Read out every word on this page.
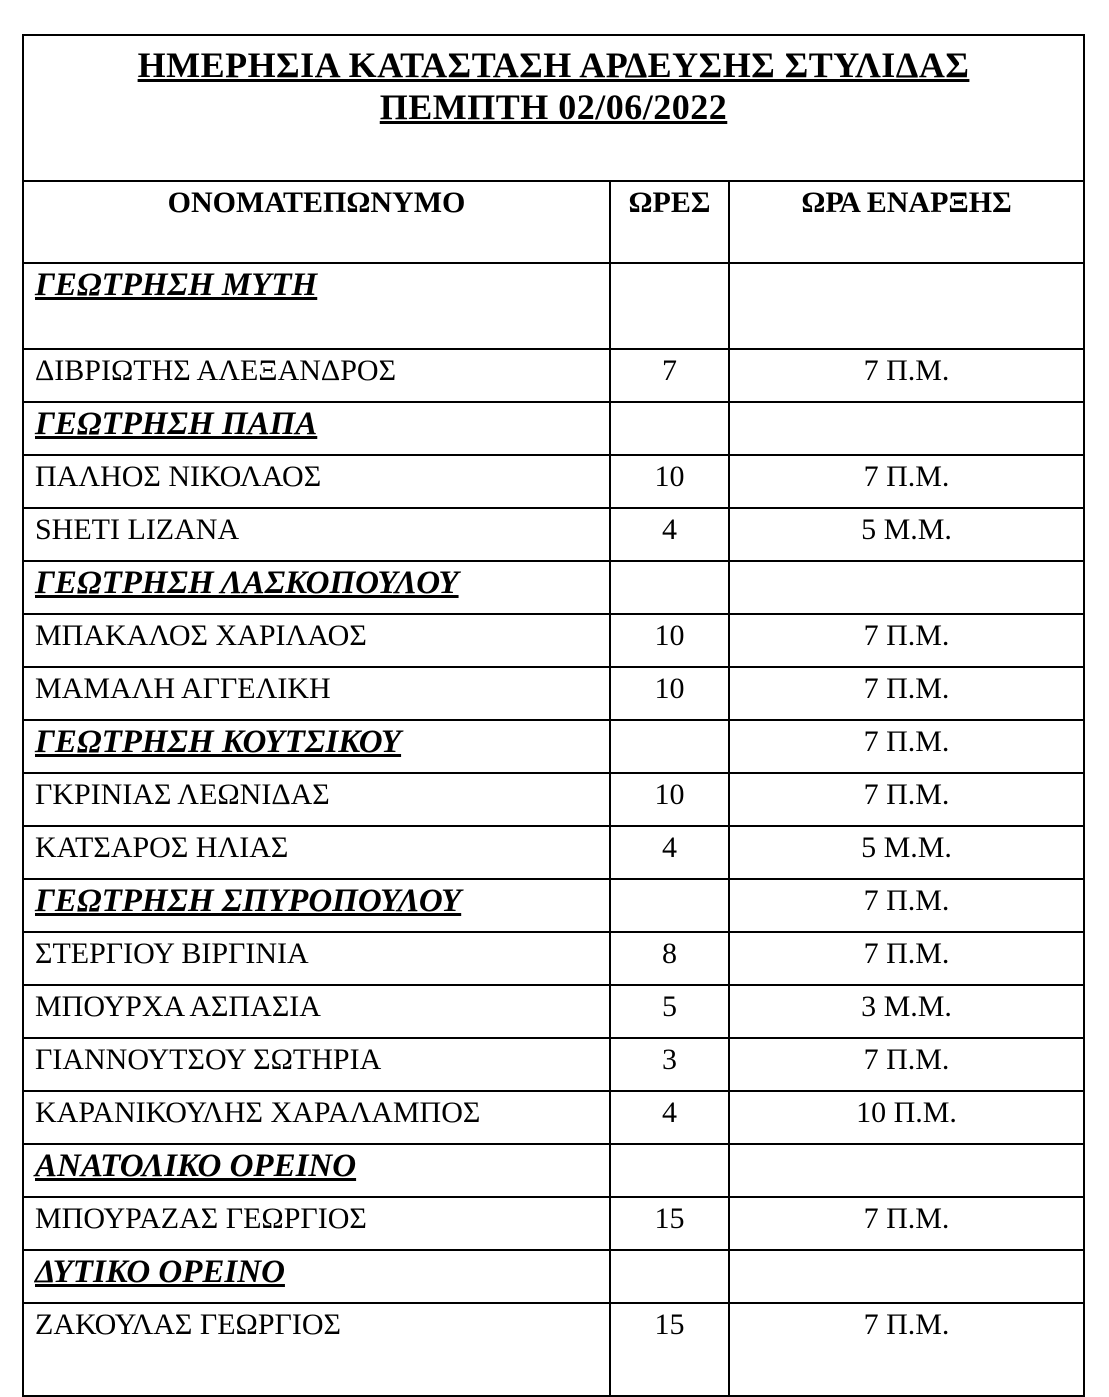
ΗΜΕΡΗΣΙΑ ΚΑΤΑΣΤΑΣΗ ΑΡΔΕΥΣΗΣ ΣΤΥΛΙΔΑΣ
ΠΕΜΠΤΗ 02/06/2022		

ΟΝΟΜΑΤΕΠΩΝΥΜΟ	ΩΡΕΣ	ΩΡΑ ΕΝΑΡΞΗΣ
ΓΕΩΤΡΗΣΗ ΜΥΤΗ		
ΔΙΒΡΙΩΤΗΣ ΑΛΕΞΑΝΔΡΟΣ	7	7 Π.Μ.
ΓΕΩΤΡΗΣΗ ΠΑΠΑ		
ΠΑΛΗΟΣ ΝΙΚΟΛΑΟΣ	10	7 Π.Μ.
SHETI LIZANA	4	5 Μ.Μ.
ΓΕΩΤΡΗΣΗ ΛΑΣΚΟΠΟΥΛΟΥ		
ΜΠΑΚΑΛΟΣ ΧΑΡΙΛΑΟΣ	10	7 Π.Μ.
ΜΑΜΑΛΗ ΑΓΓΕΛΙΚΗ	10	7 Π.Μ.
ΓΕΩΤΡΗΣΗ ΚΟΥΤΣΙΚΟΥ		7 Π.Μ.
ΓΚΡΙΝΙΑΣ ΛΕΩΝΙΔΑΣ	10	7 Π.Μ.
ΚΑΤΣΑΡΟΣ ΗΛΙΑΣ	4	5 Μ.Μ.
ΓΕΩΤΡΗΣΗ ΣΠΥΡΟΠΟΥΛΟΥ		7 Π.Μ.
ΣΤΕΡΓΙΟΥ ΒΙΡΓΙΝΙΑ	8	7 Π.Μ.
ΜΠΟΥΡΧΑ ΑΣΠΑΣΙΑ	5	3 Μ.Μ.
ΓΙΑΝΝΟΥΤΣΟΥ ΣΩΤΗΡΙΑ	3	7 Π.Μ.
ΚΑΡΑΝΙΚΟΥΛΗΣ ΧΑΡΑΛΑΜΠΟΣ	4	10 Π.Μ.
ΑΝΑΤΟΛΙΚΟ ΟΡΕΙΝΟ		
ΜΠΟΥΡΑΖΑΣ ΓΕΩΡΓΙΟΣ	15	7 Π.Μ.
ΔΥΤΙΚΟ ΟΡΕΙΝΟ		
ΖΑΚΟΥΛΑΣ ΓΕΩΡΓΙΟΣ	15	7 Π.Μ.
